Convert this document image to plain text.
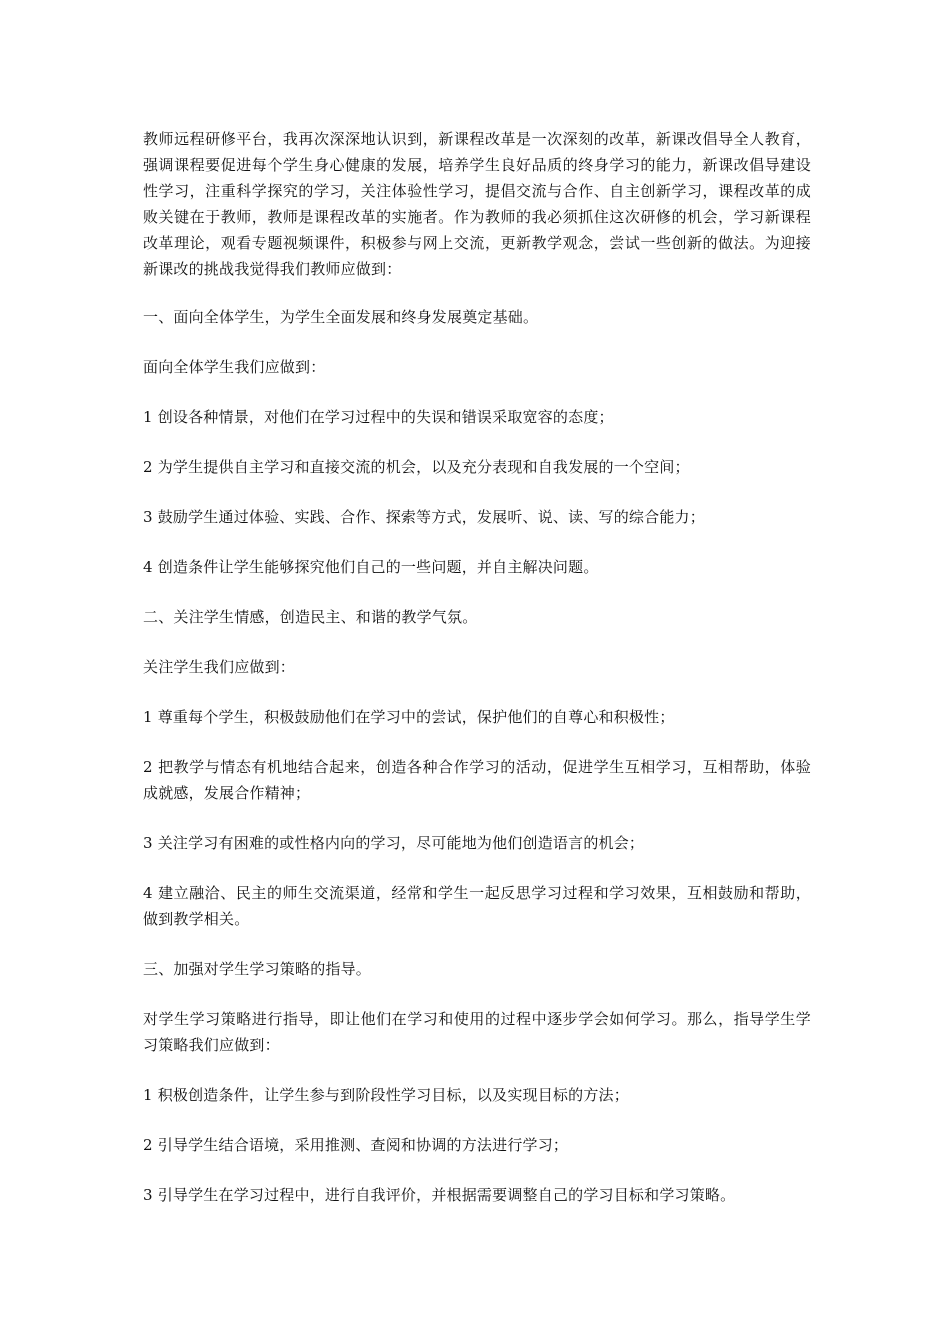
教师远程研修平台，我再次深深地认识到，新课程改革是一次深刻的改革，新课改倡导全人教育，强调课程要促进每个学生身心健康的发展，培养学生良好品质的终身学习的能力，新课改倡导建设性学习，注重科学探究的学习，关注体验性学习，提倡交流与合作、自主创新学习，课程改革的成败关键在于教师，教师是课程改革的实施者。作为教师的我必须抓住这次研修的机会，学习新课程改革理论，观看专题视频课件，积极参与网上交流，更新教学观念，尝试一些创新的做法。为迎接新课改的挑战我觉得我们教师应做到：

一、面向全体学生，为学生全面发展和终身发展奠定基础。

面向全体学生我们应做到：

1 创设各种情景，对他们在学习过程中的失误和错误采取宽容的态度；

2 为学生提供自主学习和直接交流的机会，以及充分表现和自我发展的一个空间；

3 鼓励学生通过体验、实践、合作、探索等方式，发展听、说、读、写的综合能力；

4 创造条件让学生能够探究他们自己的一些问题，并自主解决问题。

二、关注学生情感，创造民主、和谐的教学气氛。

关注学生我们应做到：

1 尊重每个学生，积极鼓励他们在学习中的尝试，保护他们的自尊心和积极性；

2 把教学与情态有机地结合起来，创造各种合作学习的活动，促进学生互相学习，互相帮助，体验成就感，发展合作精神；

3 关注学习有困难的或性格内向的学习，尽可能地为他们创造语言的机会；

4 建立融洽、民主的师生交流渠道，经常和学生一起反思学习过程和学习效果，互相鼓励和帮助，做到教学相关。

三、加强对学生学习策略的指导。

对学生学习策略进行指导，即让他们在学习和使用的过程中逐步学会如何学习。那么，指导学生学习策略我们应做到：

1 积极创造条件，让学生参与到阶段性学习目标，以及实现目标的方法；

2 引导学生结合语境，采用推测、查阅和协调的方法进行学习；

3 引导学生在学习过程中，进行自我评价，并根据需要调整自己的学习目标和学习策略。
